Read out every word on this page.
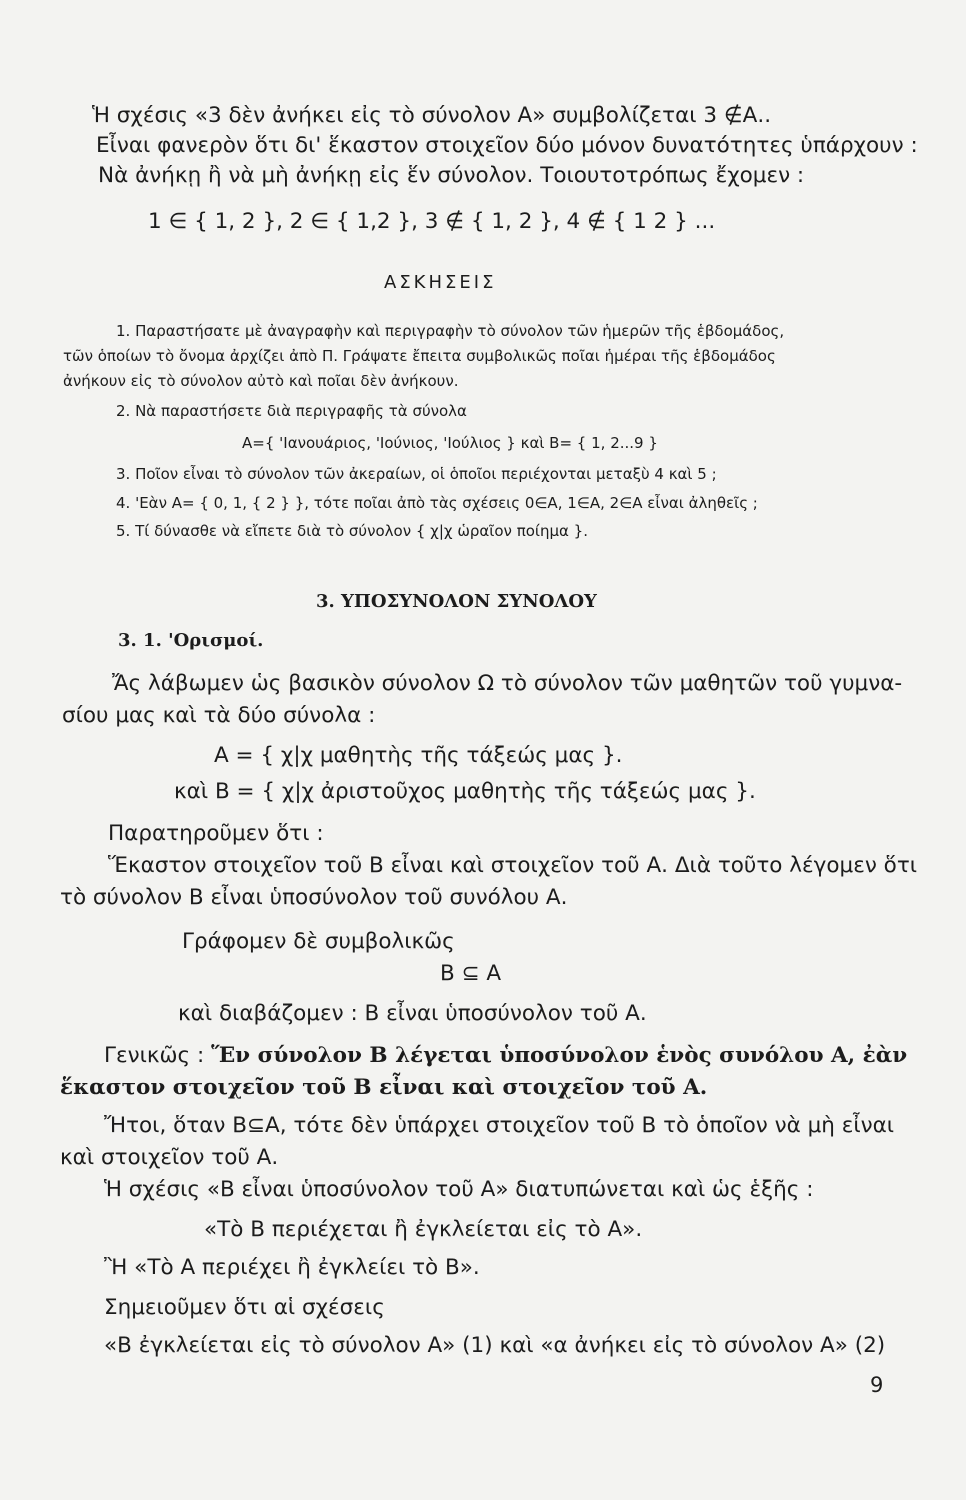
Ἡ σχέσις «3 δὲν ἀνήκει εἰς τὸ σύνολον Α» συμβολίζεται 3 ∉Α..
Εἶναι φανερὸν ὅτι δι' ἕκαστον στοιχεῖον δύο μόνον δυνατότητες ὑπάρχουν :
Νὰ ἀνήκῃ ἢ νὰ μὴ ἀνήκῃ εἰς ἕν σύνολον. Τοιουτοτρόπως ἔχομεν :
1 ∈ { 1, 2 }, 2 ∈ { 1,2 }, 3 ∉ { 1, 2 }, 4 ∉ { 1 2 } ...
ΑΣΚΗΣΕΙΣ
1. Παραστήσατε μὲ ἀναγραφὴν καὶ περιγραφὴν τὸ σύνολον τῶν ἡμερῶν τῆς ἑβδομάδος,
τῶν ὁποίων τὸ ὄνομα ἀρχίζει ἀπὸ Π. Γράψατε ἔπειτα συμβολικῶς ποῖαι ἡμέραι τῆς ἑβδομάδος
ἀνήκουν εἰς τὸ σύνολον αὐτὸ καὶ ποῖαι δὲν ἀνήκουν.
2. Νὰ παραστήσετε διὰ περιγραφῆς τὰ σύνολα
Α={ 'Ιανουάριος, 'Ιούνιος, 'Ιούλιος } καὶ Β= { 1, 2...9 }
3. Ποῖον εἶναι τὸ σύνολον τῶν ἀκεραίων, οἱ ὁποῖοι περιέχονται μεταξὺ 4 καὶ 5 ;
4. 'Εὰν Α= { 0, 1, { 2 } }, τότε ποῖαι ἀπὸ τὰς σχέσεις 0∈Α, 1∈Α, 2∈Α εἶναι ἀληθεῖς ;
5. Τί δύνασθε νὰ εἴπετε διὰ τὸ σύνολον { χ|χ ὡραῖον ποίημα }.
3. ΥΠΟΣΥΝΟΛΟΝ ΣΥΝΟΛΟΥ
3. 1. 'Ορισμοί.
Ἄς λάβωμεν ὡς βασικὸν σύνολον Ω τὸ σύνολον τῶν μαθητῶν τοῦ γυμνα-
σίου μας καὶ τὰ δύο σύνολα :
Α = { χ|χ μαθητὴς τῆς τάξεώς μας }.
καὶ Β = { χ|χ ἀριστοῦχος μαθητὴς τῆς τάξεώς μας }.
Παρατηροῦμεν ὅτι :
Ἕκαστον στοιχεῖον τοῦ Β εἶναι καὶ στοιχεῖον τοῦ Α. Διὰ τοῦτο λέγομεν ὅτι
τὸ σύνολον Β εἶναι ὑποσύνολον τοῦ συνόλου Α.
Γράφομεν δὲ συμβολικῶς
Β ⊆ Α
καὶ διαβάζομεν : Β εἶναι ὑποσύνολον τοῦ Α.
Γενικῶς : Ἕν σύνολον Β λέγεται ὑποσύνολον ἑνὸς συνόλου Α, ἐὰν
ἕκαστον στοιχεῖον τοῦ Β εἶναι καὶ στοιχεῖον τοῦ Α.
Ἤτοι, ὅταν Β⊆Α, τότε δὲν ὑπάρχει στοιχεῖον τοῦ Β τὸ ὁποῖον νὰ μὴ εἶναι
καὶ στοιχεῖον τοῦ Α.
Ἡ σχέσις «Β εἶναι ὑποσύνολον τοῦ Α» διατυπώνεται καὶ ὡς ἑξῆς :
«Τὸ Β περιέχεται ἢ ἐγκλείεται εἰς τὸ Α».
Ἢ «Τὸ Α περιέχει ἢ ἐγκλείει τὸ Β».
Σημειοῦμεν ὅτι αἱ σχέσεις
«Β ἐγκλείεται εἰς τὸ σύνολον Α» (1) καὶ «α ἀνήκει εἰς τὸ σύνολον Α» (2)
9
